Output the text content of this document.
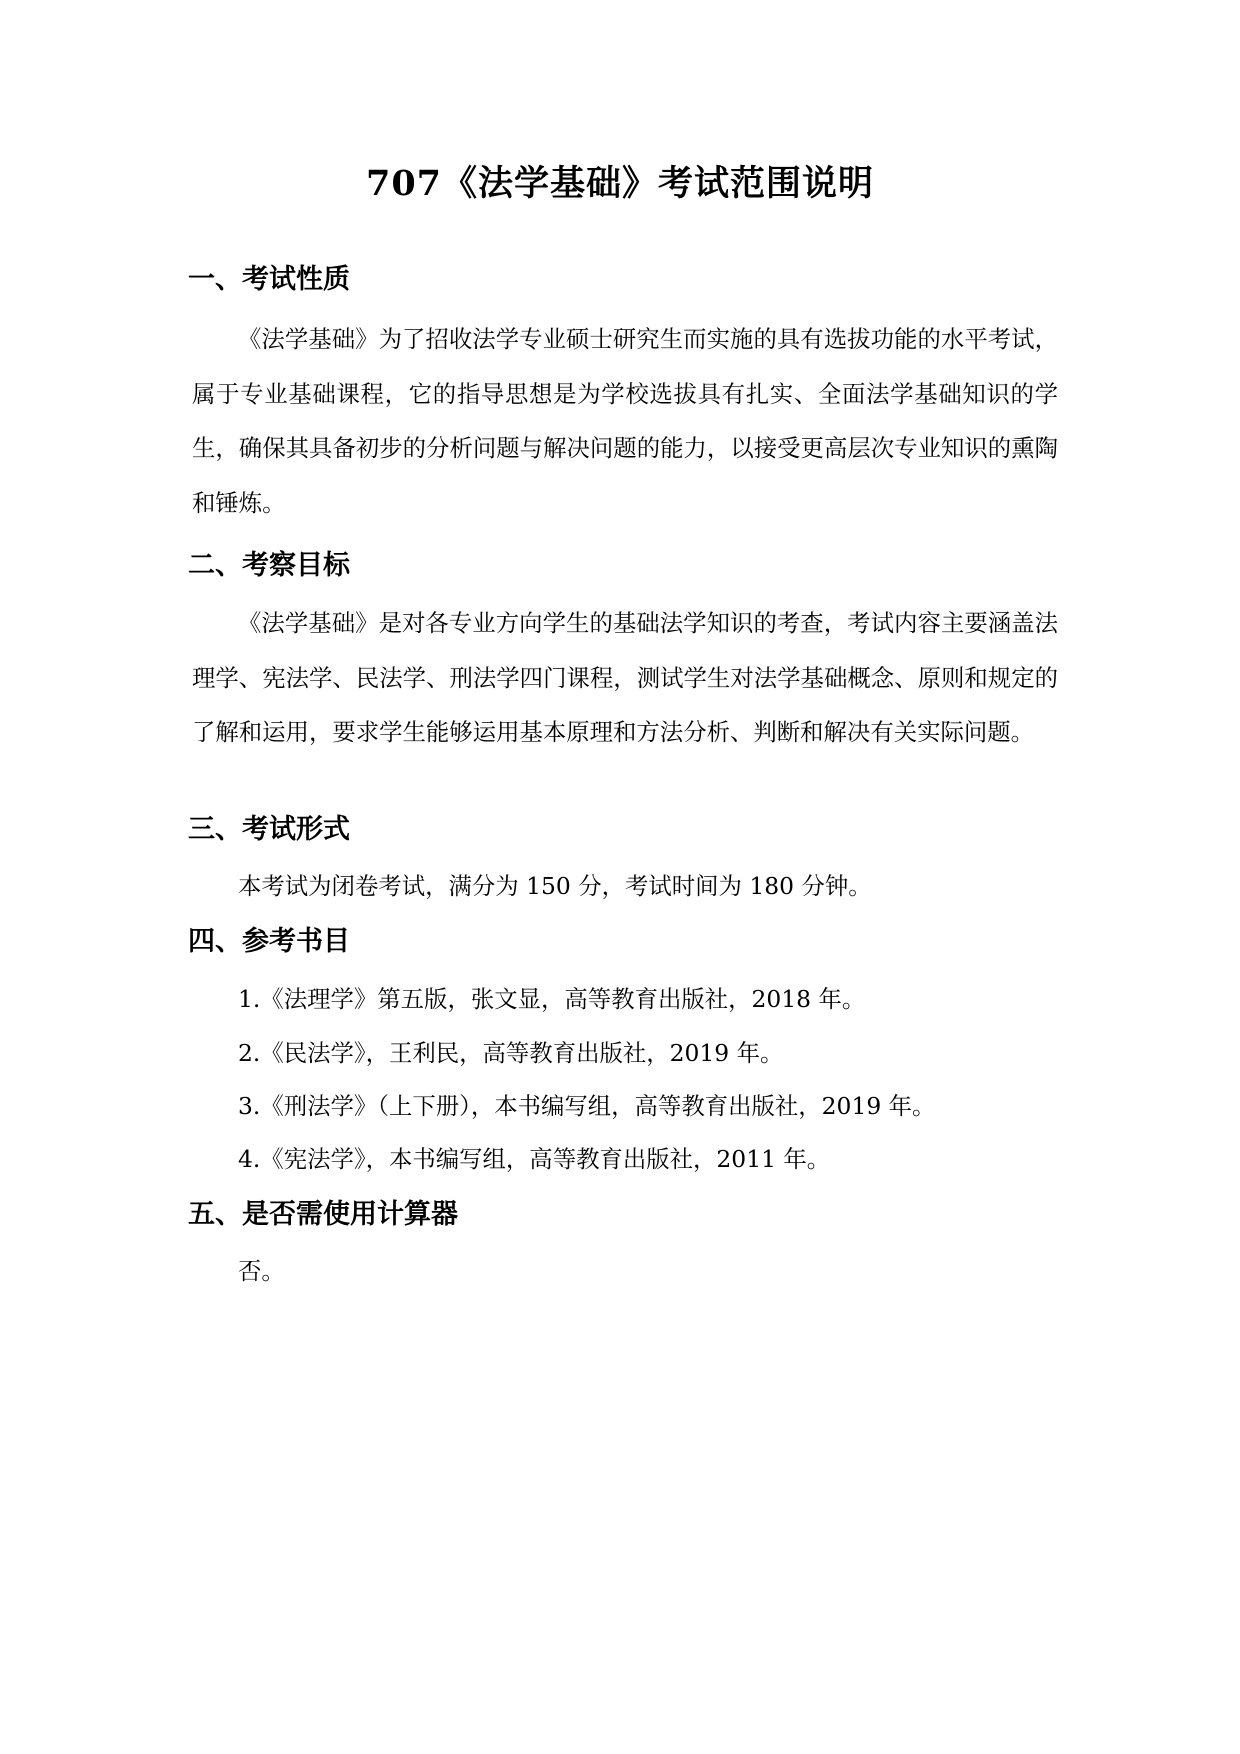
707《法学基础》考试范围说明
一、考试性质

《法学基础》为了招收法学专业硕士研究生而实施的具有选拔功能的水平考试，属于专业基础课程，它的指导思想是为学校选拔具有扎实、全面法学基础知识的学生，确保其具备初步的分析问题与解决问题的能力，以接受更高层次专业知识的熏陶和锤炼。

二、考察目标

《法学基础》是对各专业方向学生的基础法学知识的考查，考试内容主要涵盖法理学、宪法学、民法学、刑法学四门课程，测试学生对法学基础概念、原则和规定的了解和运用，要求学生能够运用基本原理和方法分析、判断和解决有关实际问题。

三、考试形式

本考试为闭卷考试，满分为 150 分，考试时间为 180 分钟。

四、参考书目
1.《法理学》第五版，张文显，高等教育出版社，2018 年。
2.《民法学》，王利民，高等教育出版社，2019 年。
3.《刑法学》（上下册），本书编写组，高等教育出版社，2019 年。
4.《宪法学》，本书编写组，高等教育出版社，2011 年。
五、是否需使用计算器

否。
